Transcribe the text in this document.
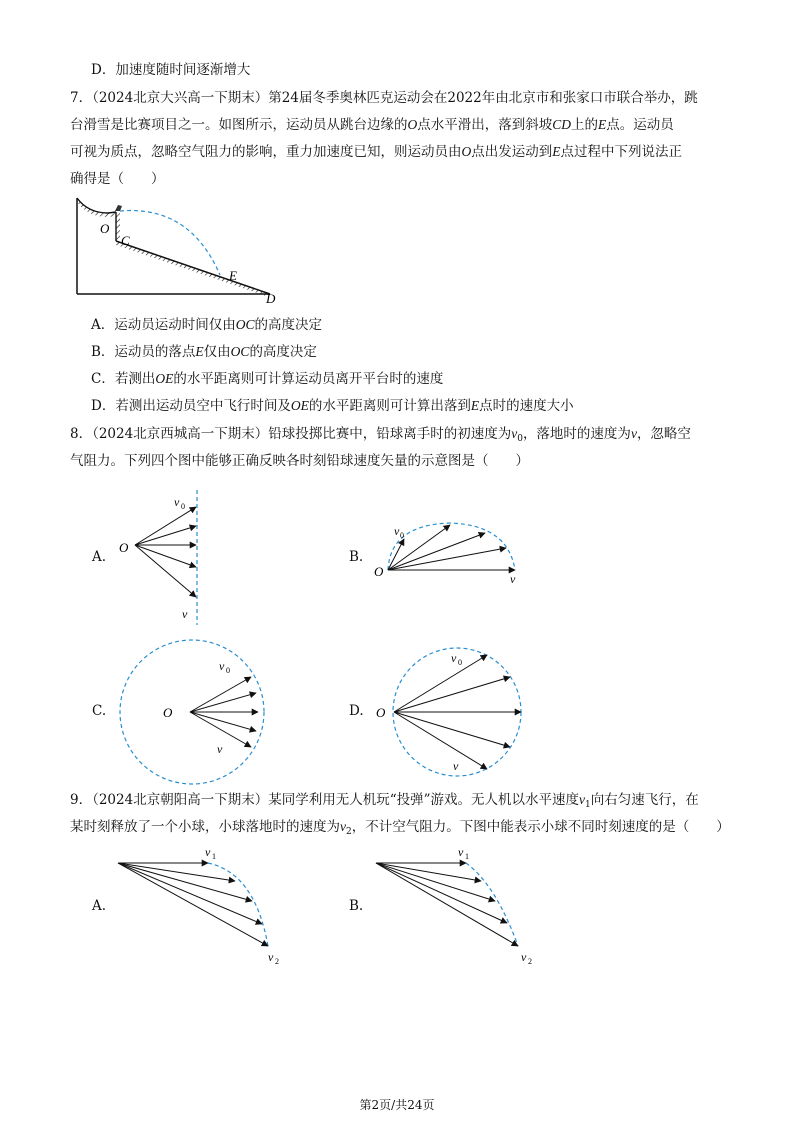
D．加速度随时间逐渐增大
7．（2024北京大兴高一下期末）第24届冬季奥林匹克运动会在2022年由北京市和张家口市联合举办，跳
台滑雪是比赛项目之一。如图所示，运动员从跳台边缘的O点水平滑出，落到斜坡CD上的E点。运动员
可视为质点，忽略空气阻力的影响，重力加速度已知，则运动员由O点出发运动到E点过程中下列说法正
确得是（　　）
O
C
E
D
A．运动员运动时间仅由OC的高度决定
B．运动员的落点E仅由OC的高度决定
C．若测出OE的水平距离则可计算运动员离开平台时的速度
D．若测出运动员空中飞行时间及OE的水平距离则可计算出落到E点时的速度大小
8．（2024北京西城高一下期末）铅球投掷比赛中，铅球离手时的初速度为$v_0$，落地时的速度为v，忽略空
气阻力。下列四个图中能够正确反映各时刻铅球速度矢量的示意图是（　　）
A.	B.
C.	D.
O
v 0
v
O
v 0
v
O
v 0
v
O
v 0
v
9．（2024北京朝阳高一下期末）某同学利用无人机玩“投弹”游戏。无人机以水平速度$v_1$向右匀速飞行，在
某时刻释放了一个小球，小球落地时的速度为$v_2$，不计空气阻力。下图中能表示小球不同时刻速度的是（　　）
A.	B.
v 1
v 2
v 1
v 2
第2页/共24页
